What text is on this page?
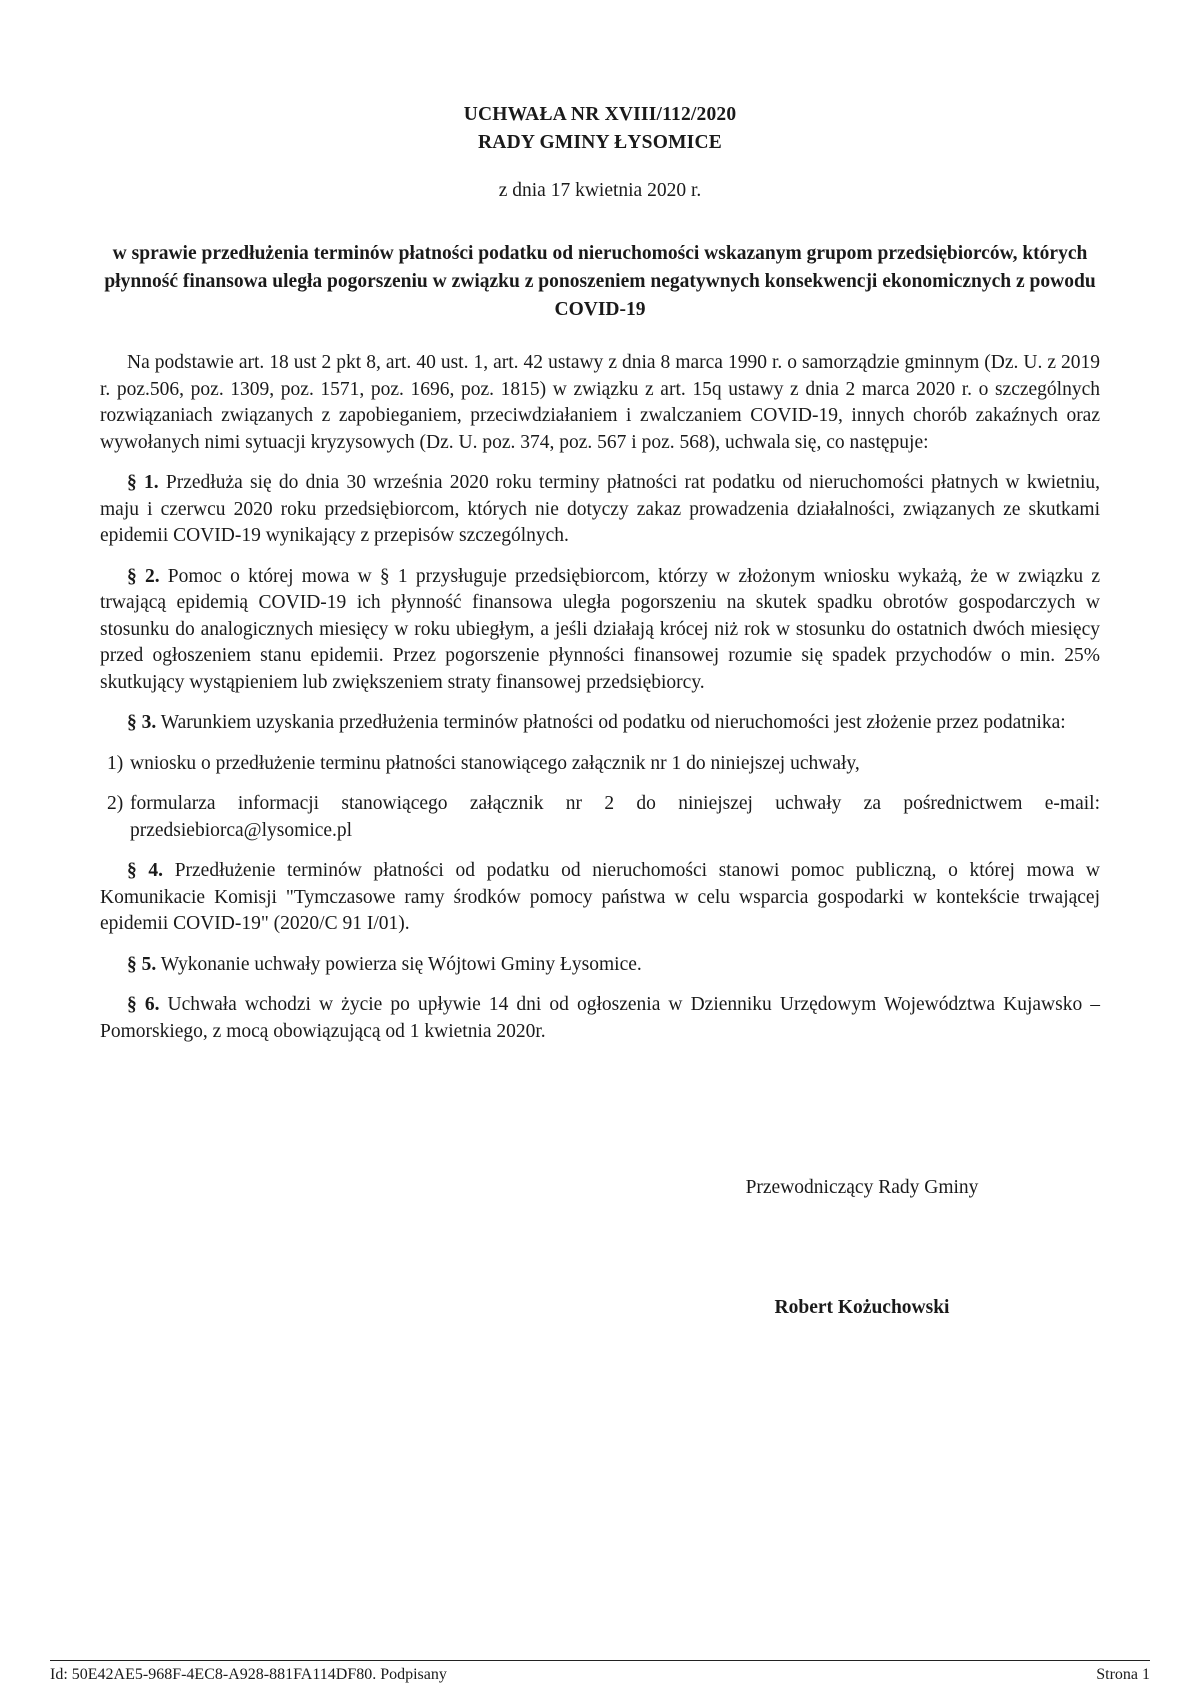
UCHWAŁA NR XVIII/112/2020
RADY GMINY ŁYSOMICE
z dnia 17 kwietnia 2020 r.
w sprawie przedłużenia terminów płatności podatku od nieruchomości wskazanym grupom przedsiębiorców, których płynność finansowa uległa pogorszeniu w związku z ponoszeniem negatywnych konsekwencji ekonomicznych z powodu COVID-19

Na podstawie art. 18 ust 2 pkt 8, art. 40 ust. 1, art. 42 ustawy z dnia 8 marca 1990 r. o samorządzie gminnym (Dz. U. z 2019 r. poz.506, poz. 1309, poz. 1571, poz. 1696, poz. 1815) w związku z art. 15q ustawy z dnia 2 marca 2020 r. o szczególnych rozwiązaniach związanych z zapobieganiem, przeciwdziałaniem i zwalczaniem COVID-19, innych chorób zakaźnych oraz wywołanych nimi sytuacji kryzysowych (Dz. U. poz. 374, poz. 567 i poz. 568), uchwala się, co następuje:

§ 1. Przedłuża się do dnia 30 września 2020 roku terminy płatności rat podatku od nieruchomości płatnych w kwietniu, maju i czerwcu 2020 roku przedsiębiorcom, których nie dotyczy zakaz prowadzenia działalności, związanych ze skutkami epidemii COVID-19 wynikający z przepisów szczególnych.

§ 2. Pomoc o której mowa w § 1 przysługuje przedsiębiorcom, którzy w złożonym wniosku wykażą, że w związku z trwającą epidemią COVID-19 ich płynność finansowa uległa pogorszeniu na skutek spadku obrotów gospodarczych w stosunku do analogicznych miesięcy w roku ubiegłym, a jeśli działają krócej niż rok w stosunku do ostatnich dwóch miesięcy przed ogłoszeniem stanu epidemii. Przez pogorszenie płynności finansowej rozumie się spadek przychodów o min. 25% skutkujący wystąpieniem lub zwiększeniem straty finansowej przedsiębiorcy.

§ 3. Warunkiem uzyskania przedłużenia terminów płatności od podatku od nieruchomości jest złożenie przez podatnika:

1) wniosku o przedłużenie terminu płatności stanowiącego załącznik nr 1 do niniejszej uchwały,
2) formularza informacji stanowiącego załącznik nr 2 do niniejszej uchwały za pośrednictwem e-mail: przedsiebiorca@lysomice.pl

§ 4. Przedłużenie terminów płatności od podatku od nieruchomości stanowi pomoc publiczną, o której mowa w Komunikacie Komisji "Tymczasowe ramy środków pomocy państwa w celu wsparcia gospodarki w kontekście trwającej epidemii COVID-19" (2020/C 91 I/01).

§ 5. Wykonanie uchwały powierza się Wójtowi Gminy Łysomice.

§ 6. Uchwała wchodzi w życie po upływie 14 dni od ogłoszenia w Dzienniku Urzędowym Województwa Kujawsko – Pomorskiego, z mocą obowiązującą od 1 kwietnia 2020r.

Przewodniczący Rady Gminy
Robert Kożuchowski
Id: 50E42AE5-968F-4EC8-A928-881FA114DF80. Podpisany	Strona 1
